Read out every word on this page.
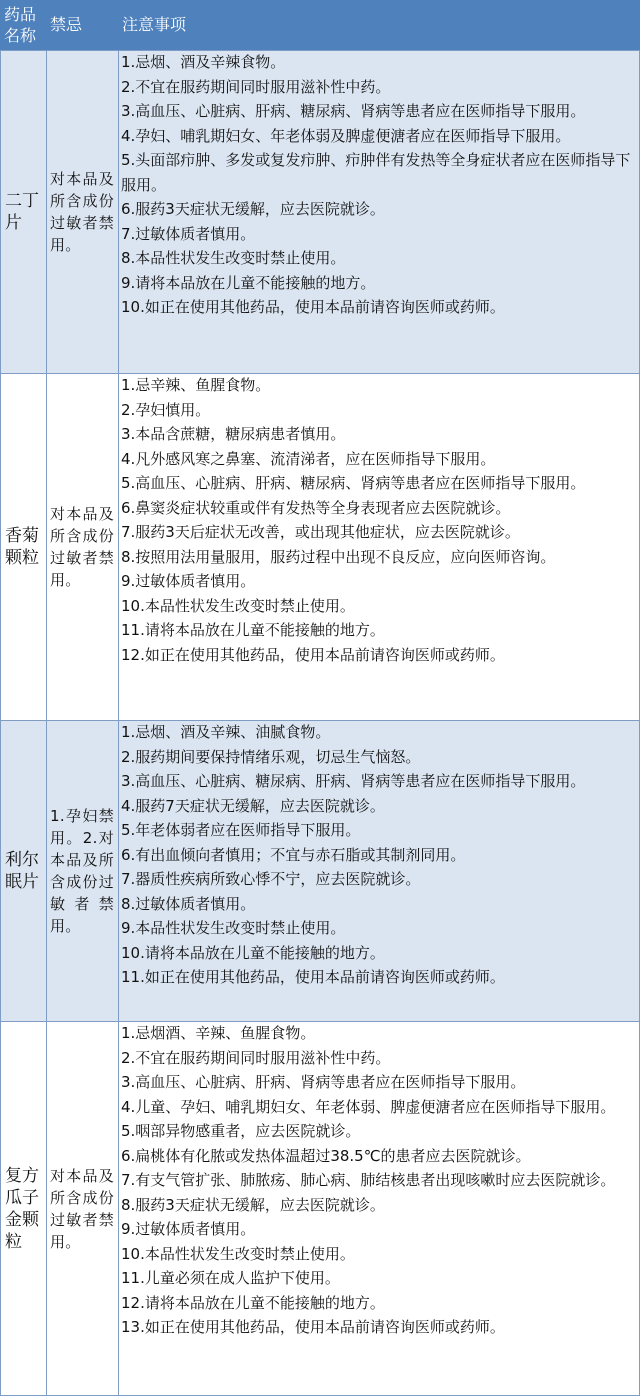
药品名称
禁忌 注意事项
二丁片
对本品及所含成份过敏者禁用。
1.忌烟、酒及辛辣食物。
2.不宜在服药期间同时服用滋补性中药。
3.高血压、心脏病、肝病、糖尿病、肾病等患者应在医师指导下服用。
4.孕妇、哺乳期妇女、年老体弱及脾虚便溏者应在医师指导下服用。
5.头面部疖肿、多发或复发疖肿、疖肿伴有发热等全身症状者应在医师指导下服用。
6.服药3天症状无缓解，应去医院就诊。
7.过敏体质者慎用。
8.本品性状发生改变时禁止使用。
9.请将本品放在儿童不能接触的地方。
10.如正在使用其他药品，使用本品前请咨询医师或药师。
香菊颗粒
对本品及所含成份过敏者禁用。
1.忌辛辣、鱼腥食物。
2.孕妇慎用。
3.本品含蔗糖，糖尿病患者慎用。
4.凡外感风寒之鼻塞、流清涕者，应在医师指导下服用。
5.高血压、心脏病、肝病、糖尿病、肾病等患者应在医师指导下服用。
6.鼻窦炎症状较重或伴有发热等全身表现者应去医院就诊。
7.服药3天后症状无改善，或出现其他症状，应去医院就诊。
8.按照用法用量服用，服药过程中出现不良反应，应向医师咨询。
9.过敏体质者慎用。
10.本品性状发生改变时禁止使用。
11.请将本品放在儿童不能接触的地方。
12.如正在使用其他药品，使用本品前请咨询医师或药师。
利尔眠片
1.孕妇禁用。2.对本品及所含成份过敏者禁用。
1.忌烟、酒及辛辣、油腻食物。
2.服药期间要保持情绪乐观，切忌生气恼怒。
3.高血压、心脏病、糖尿病、肝病、肾病等患者应在医师指导下服用。
4.服药7天症状无缓解，应去医院就诊。
5.年老体弱者应在医师指导下服用。
6.有出血倾向者慎用；不宜与赤石脂或其制剂同用。
7.器质性疾病所致心悸不宁，应去医院就诊。
8.过敏体质者慎用。
9.本品性状发生改变时禁止使用。
10.请将本品放在儿童不能接触的地方。
11.如正在使用其他药品，使用本品前请咨询医师或药师。
复方瓜子金颗粒
对本品及所含成份过敏者禁用。
1.忌烟酒、辛辣、鱼腥食物。
2.不宜在服药期间同时服用滋补性中药。
3.高血压、心脏病、肝病、肾病等患者应在医师指导下服用。
4.儿童、孕妇、哺乳期妇女、年老体弱、脾虚便溏者应在医师指导下服用。
5.咽部异物感重者，应去医院就诊。
6.扁桃体有化脓或发热体温超过38.5℃的患者应去医院就诊。
7.有支气管扩张、肺脓疡、肺心病、肺结核患者出现咳嗽时应去医院就诊。
8.服药3天症状无缓解，应去医院就诊。
9.过敏体质者慎用。
10.本品性状发生改变时禁止使用。
11.儿童必须在成人监护下使用。
12.请将本品放在儿童不能接触的地方。
13.如正在使用其他药品，使用本品前请咨询医师或药师。
